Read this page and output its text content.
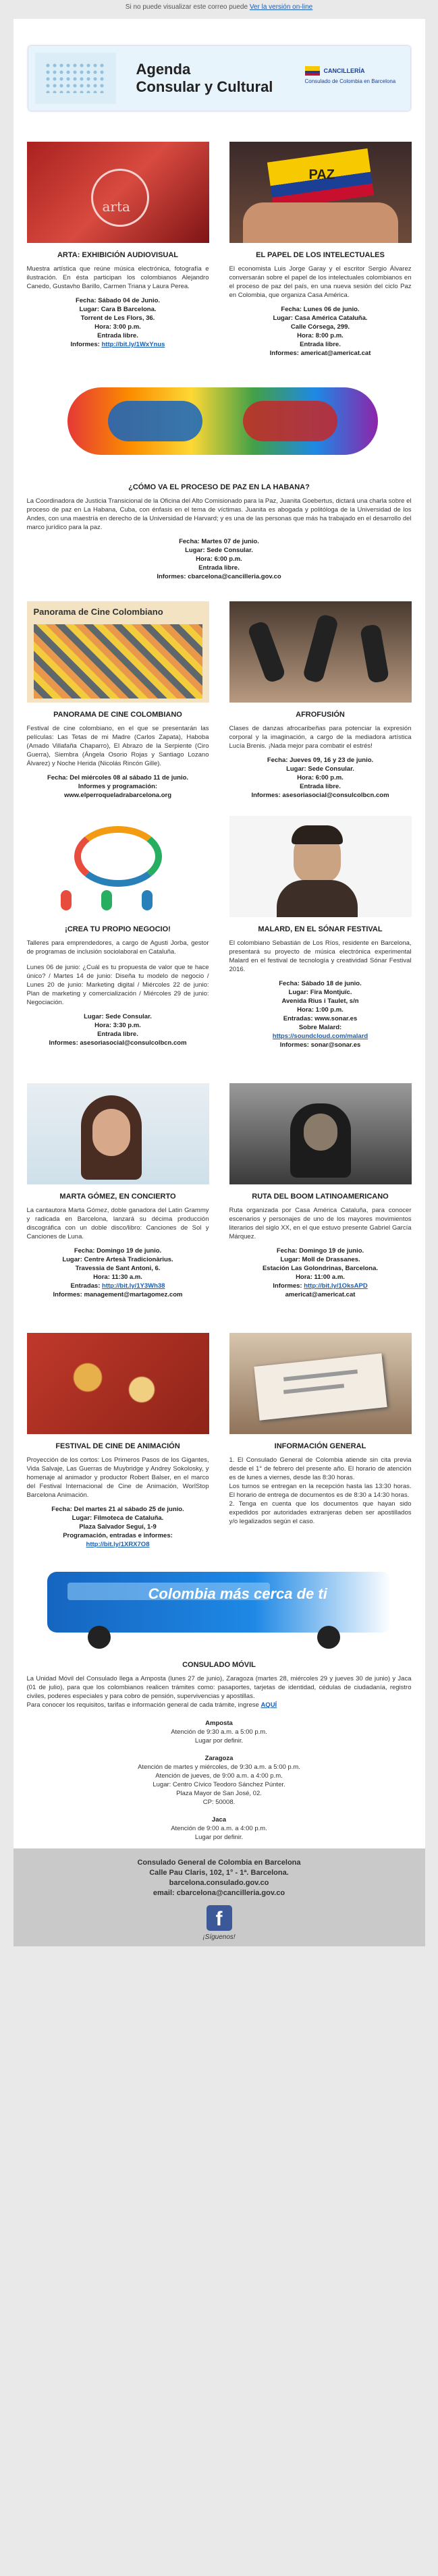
Si no puede visualizar este correo puede Ver la versión on-line
Agenda
Consular y Cultural
CANCILLERÍA
Consulado de Colombia en Barcelona
arta
ARTA: EXHIBICIÓN AUDIOVISUAL
Muestra artística que reúne música electrónica, fotografía e ilustración. En ésta participan los colombianos Alejandro Canedo, Gustavho Barillo, Carmen Triana y Laura Perea.
Fecha: Sábado 04 de Junio.
Lugar: Cara B Barcelona.
Torrent de Les Flors, 36.
Hora: 3:00 p.m.
Entrada libre.
Informes: http://bit.ly/1WxYnus
PAZ
EL PAPEL DE LOS INTELECTUALES
El economista Luis Jorge Garay y el escritor Sergio Álvarez conversarán sobre el papel de los intelectuales colombianos en el proceso de paz del país, en una nueva sesión del ciclo Paz en Colombia, que organiza Casa América.
Fecha: Lunes 06 de junio.
Lugar: Casa América Cataluña.
Calle Córsega, 299.
Hora: 8:00 p.m.
Entrada libre.
Informes: americat@americat.cat
¿CÓMO VA EL PROCESO DE PAZ EN LA HABANA?
La Coordinadora de Justicia Transicional de la Oficina del Alto Comisionado para la Paz, Juanita Goebertus, dictará una charla sobre el proceso de paz en La Habana, Cuba, con énfasis en el tema de víctimas. Juanita es abogada y politóloga de la Universidad de los Andes, con una maestría en derecho de la Universidad de Harvard; y es una de las personas que más ha trabajado en el desarrollo del marco jurídico para la paz.
Fecha: Martes 07 de junio.
Lugar: Sede Consular.
Hora: 6:00 p.m.
Entrada libre.
Informes: cbarcelona@cancilleria.gov.co
Panorama de Cine Colombiano
PANORAMA DE CINE COLOMBIANO
Festival de cine colombiano, en el que se presentarán las películas: Las Tetas de mi Madre (Carlos Zapata), Haboba (Amado Villafaña Chaparro), El Abrazo de la Serpiente (Ciro Guerra), Siembra (Ángela Osorio Rojas y Santiago Lozano Álvarez) y Noche Herida (Nicolás Rincón Gille).
Fecha: Del miércoles 08 al sábado 11 de junio.
Informes y programación:
www.elperroqueladrabarcelona.org
AFROFUSIÓN
Clases de danzas afrocaribeñas para potenciar la expresión corporal y la imaginación, a cargo de la mediadora artística Lucía Brenis. ¡Nada mejor para combatir el estrés!
Fecha: Jueves 09, 16 y 23 de junio.
Lugar: Sede Consular.
Hora: 6:00 p.m.
Entrada libre.
Informes: asesoriasocial@consulcolbcn.com
¡CREA TU PROPIO NEGOCIO!
Talleres para emprendedores, a cargo de Agusti Jorba, gestor de programas de inclusión sociolaboral en Cataluña.
Lunes 06 de junio: ¿Cuál es tu propuesta de valor que te hace único? / Martes 14 de junio: Diseña tu modelo de negocio / Lunes 20 de junio: Marketing digital / Miércoles 22 de junio: Plan de marketing y comercialización / Miércoles 29 de junio: Negociación.
Lugar: Sede Consular.
Hora: 3:30 p.m.
Entrada libre.
Informes: asesoriasocial@consulcolbcn.com
MALARD, EN EL SÓNAR FESTIVAL
El colombiano Sebastián de Los Ríos, residente en Barcelona, presentará su proyecto de música electrónica experimental Malard en el festival de tecnología y creatividad Sónar Festival 2016.
Fecha: Sábado 18 de junio.
Lugar: Fira Montjuïc.
Avenida Rius i Taulet, s/n
Hora: 1:00 p.m.
Entradas: www.sonar.es
Sobre Malard:
https://soundcloud.com/malard
Informes: sonar@sonar.es
MARTA GÓMEZ, EN CONCIERTO
La cantautora Marta Gómez, doble ganadora del Latin Grammy y radicada en Barcelona, lanzará su décima producción discográfica con un doble disco/libro: Canciones de Sol y Canciones de Luna.
Fecha: Domingo 19 de junio.
Lugar: Centre Artesà Tradicionàrius.
Travessia de Sant Antoni, 6.
Hora: 11:30 a.m.
Entradas: http://bit.ly/1Y3Wh38
Informes: management@martagomez.com
RUTA DEL BOOM LATINOAMERICANO
Ruta organizada por Casa América Cataluña, para conocer escenarios y personajes de uno de los mayores movimientos literarios del siglo XX, en el que estuvo presente Gabriel García Márquez.
Fecha: Domingo 19 de junio.
Lugar: Moll de Drassanes.
Estación Las Golondrinas, Barcelona.
Hora: 11:00 a.m.
Informes: http://bit.ly/1OksAPD
americat@americat.cat
FESTIVAL DE CINE DE ANIMACIÓN
Proyección de los cortos: Los Primeros Pasos de los Gigantes, Vida Salvaje, Las Guerras de Muybridge y Andrey Sokolosky, y homenaje al animador y productor Robert Balser, en el marco del Festival Internacional de Cine de Animación, WorlStop Barcelona Animación.
Fecha: Del martes 21 al sábado 25 de junio.
Lugar: Filmoteca de Cataluña.
Plaza Salvador Seguí, 1-9
Programación, entradas e informes:
http://bit.ly/1XRX7O8
INFORMACIÓN GENERAL
1. El Consulado General de Colombia atiende sin cita previa desde el 1° de febrero del presente año. El horario de atención es de lunes a viernes, desde las 8:30 horas.
Los turnos se entregan en la recepción hasta las 13:30 horas. El horario de entrega de documentos es de 8:30 a 14:30 horas.
2. Tenga en cuenta que los documentos que hayan sido expedidos por autoridades extranjeras deben ser apostillados y/o legalizados según el caso.
Colombia más cerca de ti
CONSULADO MÓVIL
La Unidad Móvil del Consulado llega a Amposta (lunes 27 de junio), Zaragoza (martes 28, miércoles 29 y jueves 30 de junio) y Jaca (01 de julio), para que los colombianos realicen trámites como: pasaportes, tarjetas de identidad, cédulas de ciudadanía, registro civiles, poderes especiales y para cobro de pensión, supervivencias y apostillas.
Para conocer los requisitos, tarifas e información general de cada trámite, ingrese AQUÍ
Amposta
Atención de 9:30 a.m. a 5:00 p.m.
Lugar por definir.

Zaragoza
Atención de martes y miércoles, de 9:30 a.m. a 5:00 p.m.
Atención de jueves, de 9:00 a.m. a 4:00 p.m.
Lugar: Centro Cívico Teodoro Sánchez Púnter.
Plaza Mayor de San José, 02.
CP: 50008.

Jaca
Atención de 9:00 a.m. a 4:00 p.m.
Lugar por definir.
Consulado General de Colombia en Barcelona
Calle Pau Claris, 102, 1° - 1ª. Barcelona.
barcelona.consulado.gov.co
email: cbarcelona@cancilleria.gov.co
f
¡Síguenos!
